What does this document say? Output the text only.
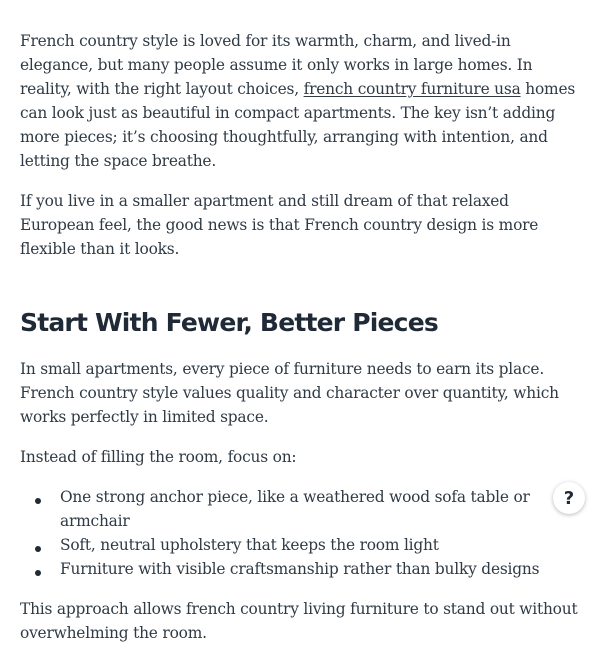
French country style is loved for its warmth, charm, and lived-in elegance, but many people assume it only works in large homes. In reality, with the right layout choices, french country furniture usa homes can look just as beautiful in compact apartments. The key isn’t adding more pieces; it’s choosing thoughtfully, arranging with intention, and letting the space breathe.

If you live in a smaller apartment and still dream of that relaxed European feel, the good news is that French country design is more flexible than it looks.

Start With Fewer, Better Pieces

In small apartments, every piece of furniture needs to earn its place. French country style values quality and character over quantity, which works perfectly in limited space.

Instead of filling the room, focus on:

One strong anchor piece, like a weathered wood sofa table or armchair
Soft, neutral upholstery that keeps the room light
Furniture with visible craftsmanship rather than bulky designs

This approach allows french country living furniture to stand out without overwhelming the room.

?
